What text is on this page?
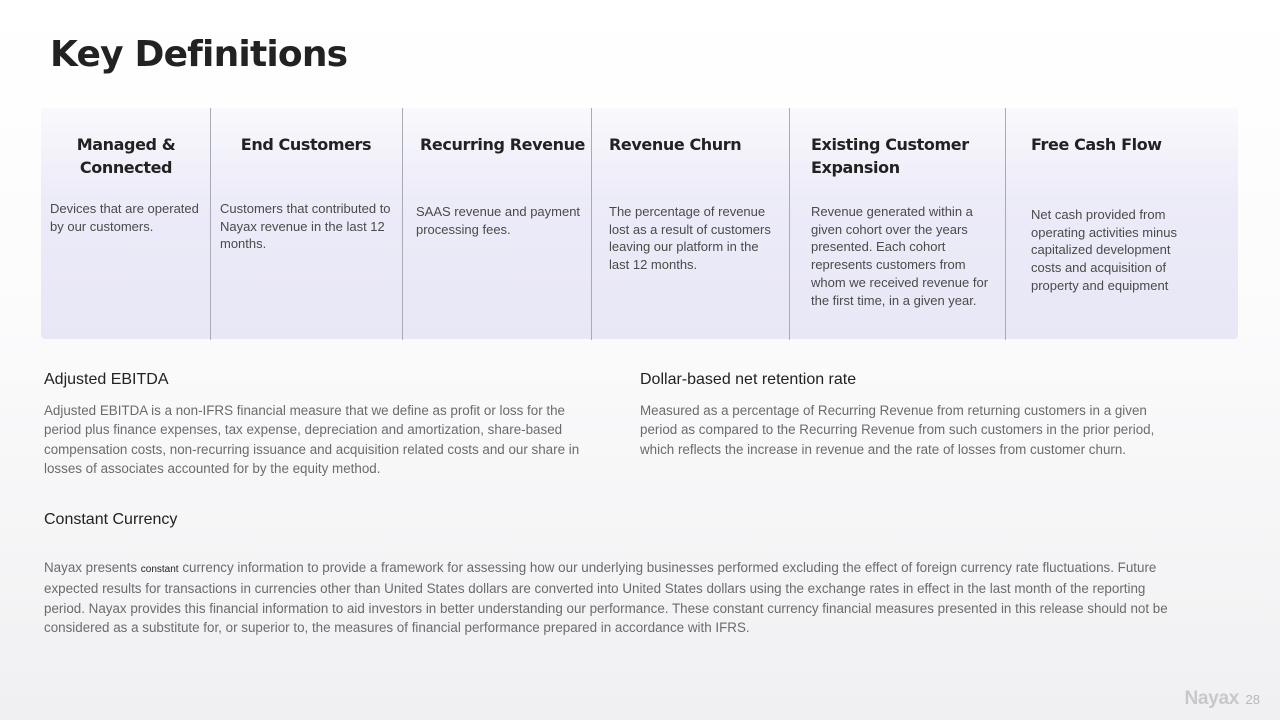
Key Definitions
Managed & Connected
Devices that are operated by our customers.
End Customers
Customers that contributed to Nayax revenue in the last 12 months.
Recurring Revenue
SAAS revenue and payment processing fees.
Revenue Churn
The percentage of revenue lost as a result of customers leaving our platform in the last 12 months.
Existing Customer Expansion
Revenue generated within a given cohort over the years presented. Each cohort represents customers from whom we received revenue for the first time, in a given year.
Free Cash Flow
Net cash provided from operating activities minus capitalized development costs and acquisition of property and equipment
Adjusted EBITDA
Adjusted EBITDA is a non-IFRS financial measure that we define as profit or loss for the period plus finance expenses, tax expense, depreciation and amortization, share-based compensation costs, non-recurring issuance and acquisition related costs and our share in losses of associates accounted for by the equity method.
Dollar-based net retention rate
Measured as a percentage of Recurring Revenue from returning customers in a given period as compared to the Recurring Revenue from such customers in the prior period, which reflects the increase in revenue and the rate of losses from customer churn.
Constant Currency
Nayax presents constant currency information to provide a framework for assessing how our underlying businesses performed excluding the effect of foreign currency rate fluctuations. Future expected results for transactions in currencies other than United States dollars are converted into United States dollars using the exchange rates in effect in the last month of the reporting period. Nayax provides this financial information to aid investors in better understanding our performance. These constant currency financial measures presented in this release should not be considered as a substitute for, or superior to, the measures of financial performance prepared in accordance with IFRS.
Nayax 28
